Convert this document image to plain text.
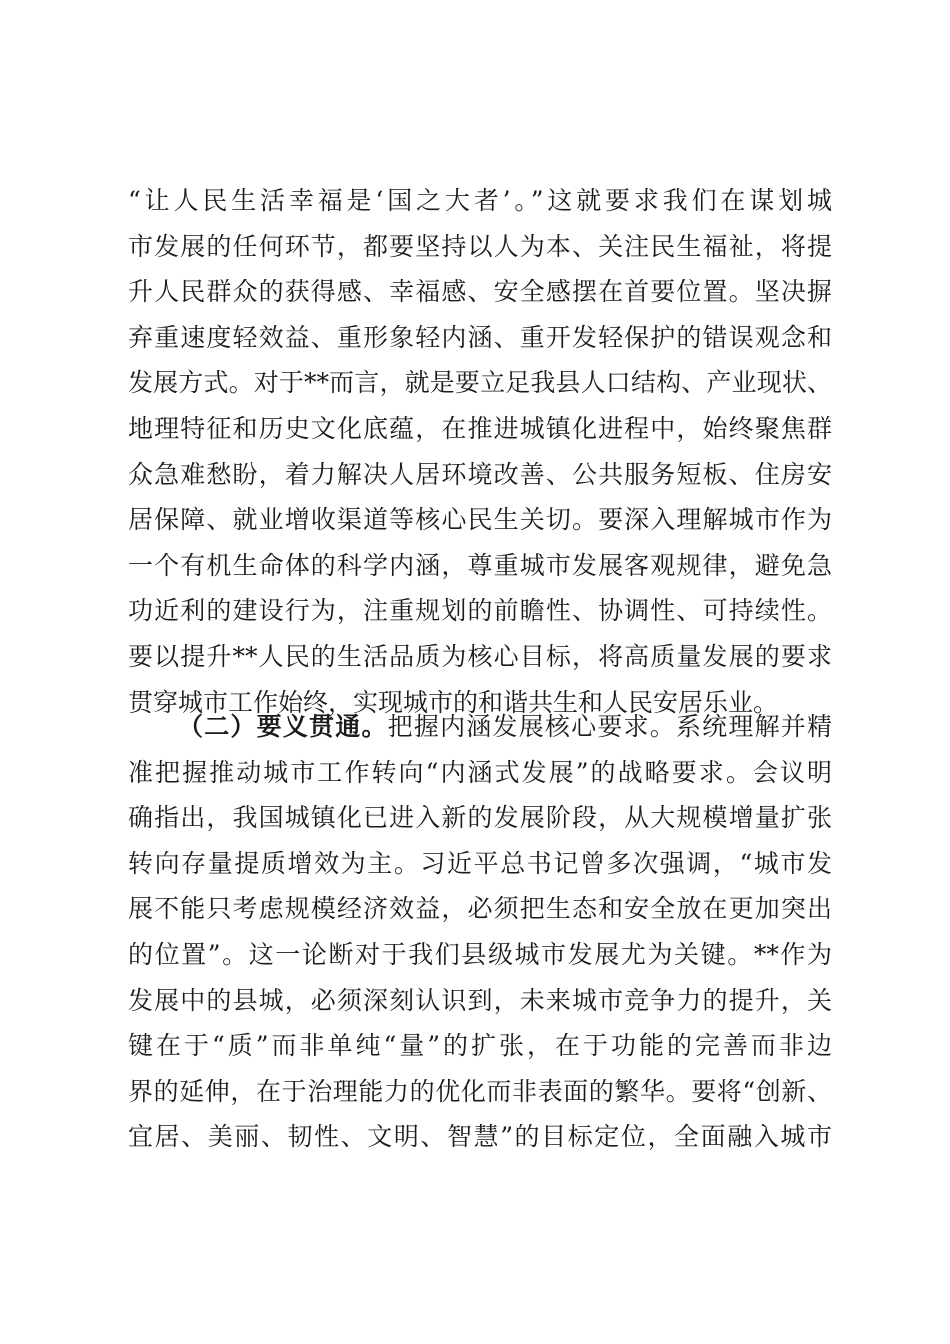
“让人民生活幸福是‘国之大者’。”这就要求我们在谋划城
市发展的任何环节，都要坚持以人为本、关注民生福祉，将提
升人民群众的获得感、幸福感、安全感摆在首要位置。坚决摒
弃重速度轻效益、重形象轻内涵、重开发轻保护的错误观念和
发展方式。对于**而言，就是要立足我县人口结构、产业现状、
地理特征和历史文化底蕴，在推进城镇化进程中，始终聚焦群
众急难愁盼，着力解决人居环境改善、公共服务短板、住房安
居保障、就业增收渠道等核心民生关切。要深入理解城市作为
一个有机生命体的科学内涵，尊重城市发展客观规律，避免急
功近利的建设行为，注重规划的前瞻性、协调性、可持续性。
要以提升**人民的生活品质为核心目标，将高质量发展的要求
贯穿城市工作始终，实现城市的和谐共生和人民安居乐业。
（二）要义贯通。把握内涵发展核心要求。系统理解并精
准把握推动城市工作转向“内涵式发展”的战略要求。会议明
确指出，我国城镇化已进入新的发展阶段，从大规模增量扩张
转向存量提质增效为主。习近平总书记曾多次强调，“城市发
展不能只考虑规模经济效益，必须把生态和安全放在更加突出
的位置”。这一论断对于我们县级城市发展尤为关键。**作为
发展中的县城，必须深刻认识到，未来城市竞争力的提升，关
键在于“质”而非单纯“量”的扩张，在于功能的完善而非边
界的延伸，在于治理能力的优化而非表面的繁华。要将“创新、
宜居、美丽、韧性、文明、智慧”的目标定位，全面融入城市
